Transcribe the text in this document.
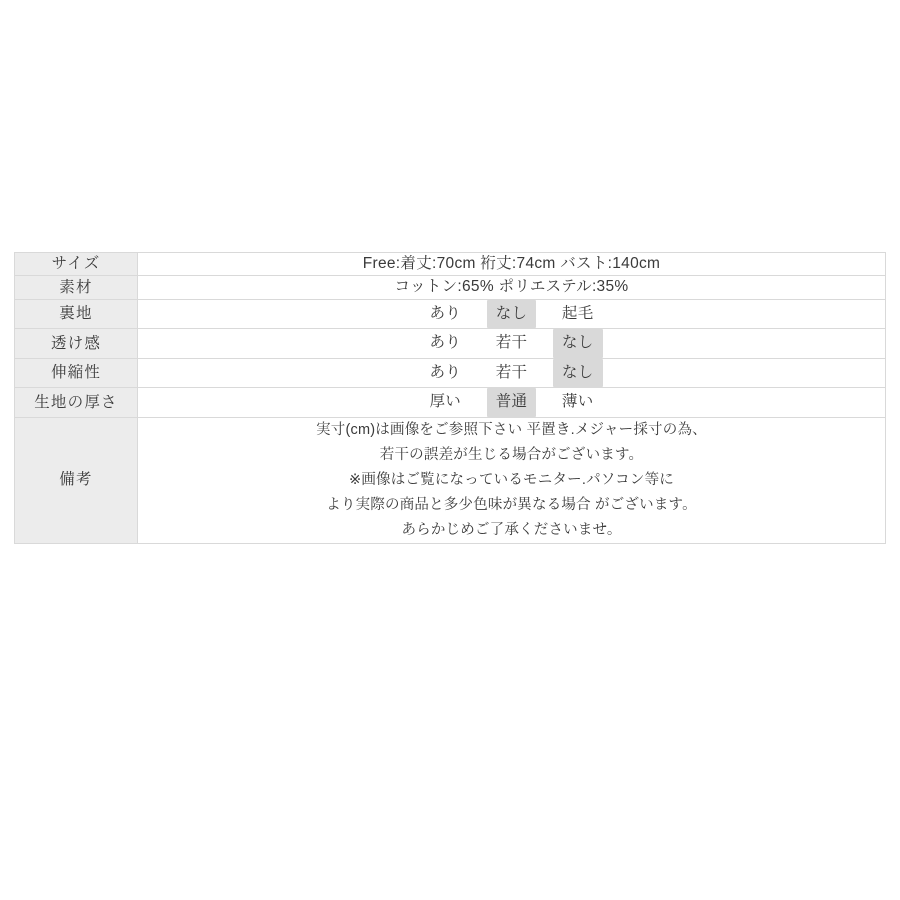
サイズ	Free:着丈:70cm 裄丈:74cm バスト:140cm
素材	コットン:65% ポリエステル:35%
裏地	あり なし 起毛
透け感	あり 若干 なし
伸縮性	あり 若干 なし
生地の厚さ	厚い 普通 薄い
備考	実寸(cm)は画像をご参照下さい 平置き.メジャー採寸の為、
若干の誤差が生じる場合がございます。
※画像はご覧になっているモニター.パソコン等に
より実際の商品と多少色味が異なる場合 がございます。
あらかじめご了承くださいませ。
